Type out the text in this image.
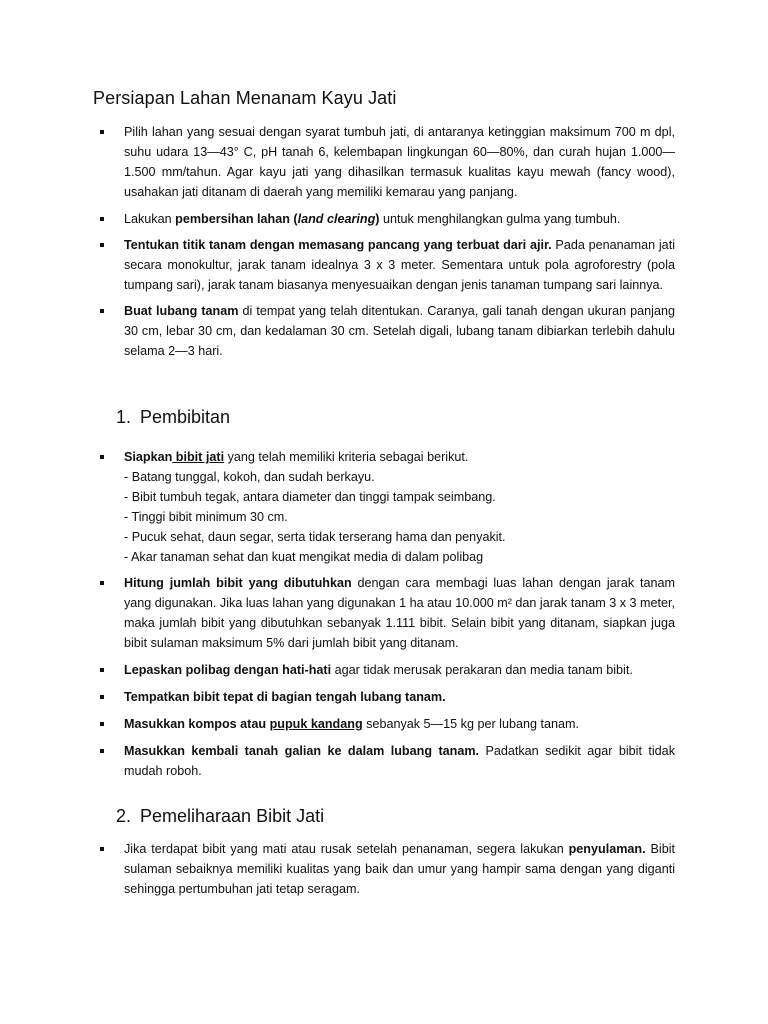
Persiapan Lahan Menanam Kayu Jati
Pilih lahan yang sesuai dengan syarat tumbuh jati, di antaranya ketinggian maksimum 700 m dpl, suhu udara 13—43° C, pH tanah 6, kelembapan lingkungan 60—80%, dan curah hujan 1.000—1.500 mm/tahun. Agar kayu jati yang dihasilkan termasuk kualitas kayu mewah (fancy wood), usahakan jati ditanam di daerah yang memiliki kemarau yang panjang.
Lakukan pembersihan lahan (land clearing) untuk menghilangkan gulma yang tumbuh.
Tentukan titik tanam dengan memasang pancang yang terbuat dari ajir. Pada penanaman jati secara monokultur, jarak tanam idealnya 3 x 3 meter. Sementara untuk pola agroforestry (pola tumpang sari), jarak tanam biasanya menyesuaikan dengan jenis tanaman tumpang sari lainnya.
Buat lubang tanam di tempat yang telah ditentukan. Caranya, gali tanah dengan ukuran panjang 30 cm, lebar 30 cm, dan kedalaman 30 cm. Setelah digali, lubang tanam dibiarkan terlebih dahulu selama 2—3 hari.
1. Pembibitan
Siapkan bibit jati yang telah memiliki kriteria sebagai berikut.
- Batang tunggal, kokoh, dan sudah berkayu.
- Bibit tumbuh tegak, antara diameter dan tinggi tampak seimbang.
- Tinggi bibit minimum 30 cm.
- Pucuk sehat, daun segar, serta tidak terserang hama dan penyakit.
- Akar tanaman sehat dan kuat mengikat media di dalam polibag
Hitung jumlah bibit yang dibutuhkan dengan cara membagi luas lahan dengan jarak tanam yang digunakan. Jika luas lahan yang digunakan 1 ha atau 10.000 m² dan jarak tanam 3 x 3 meter, maka jumlah bibit yang dibutuhkan sebanyak 1.111 bibit. Selain bibit yang ditanam, siapkan juga bibit sulaman maksimum 5% dari jumlah bibit yang ditanam.
Lepaskan polibag dengan hati-hati agar tidak merusak perakaran dan media tanam bibit.
Tempatkan bibit tepat di bagian tengah lubang tanam.
Masukkan kompos atau pupuk kandang sebanyak 5—15 kg per lubang tanam.
Masukkan kembali tanah galian ke dalam lubang tanam. Padatkan sedikit agar bibit tidak mudah roboh.
2. Pemeliharaan Bibit Jati
Jika terdapat bibit yang mati atau rusak setelah penanaman, segera lakukan penyulaman. Bibit sulaman sebaiknya memiliki kualitas yang baik dan umur yang hampir sama dengan yang diganti sehingga pertumbuhan jati tetap seragam.
